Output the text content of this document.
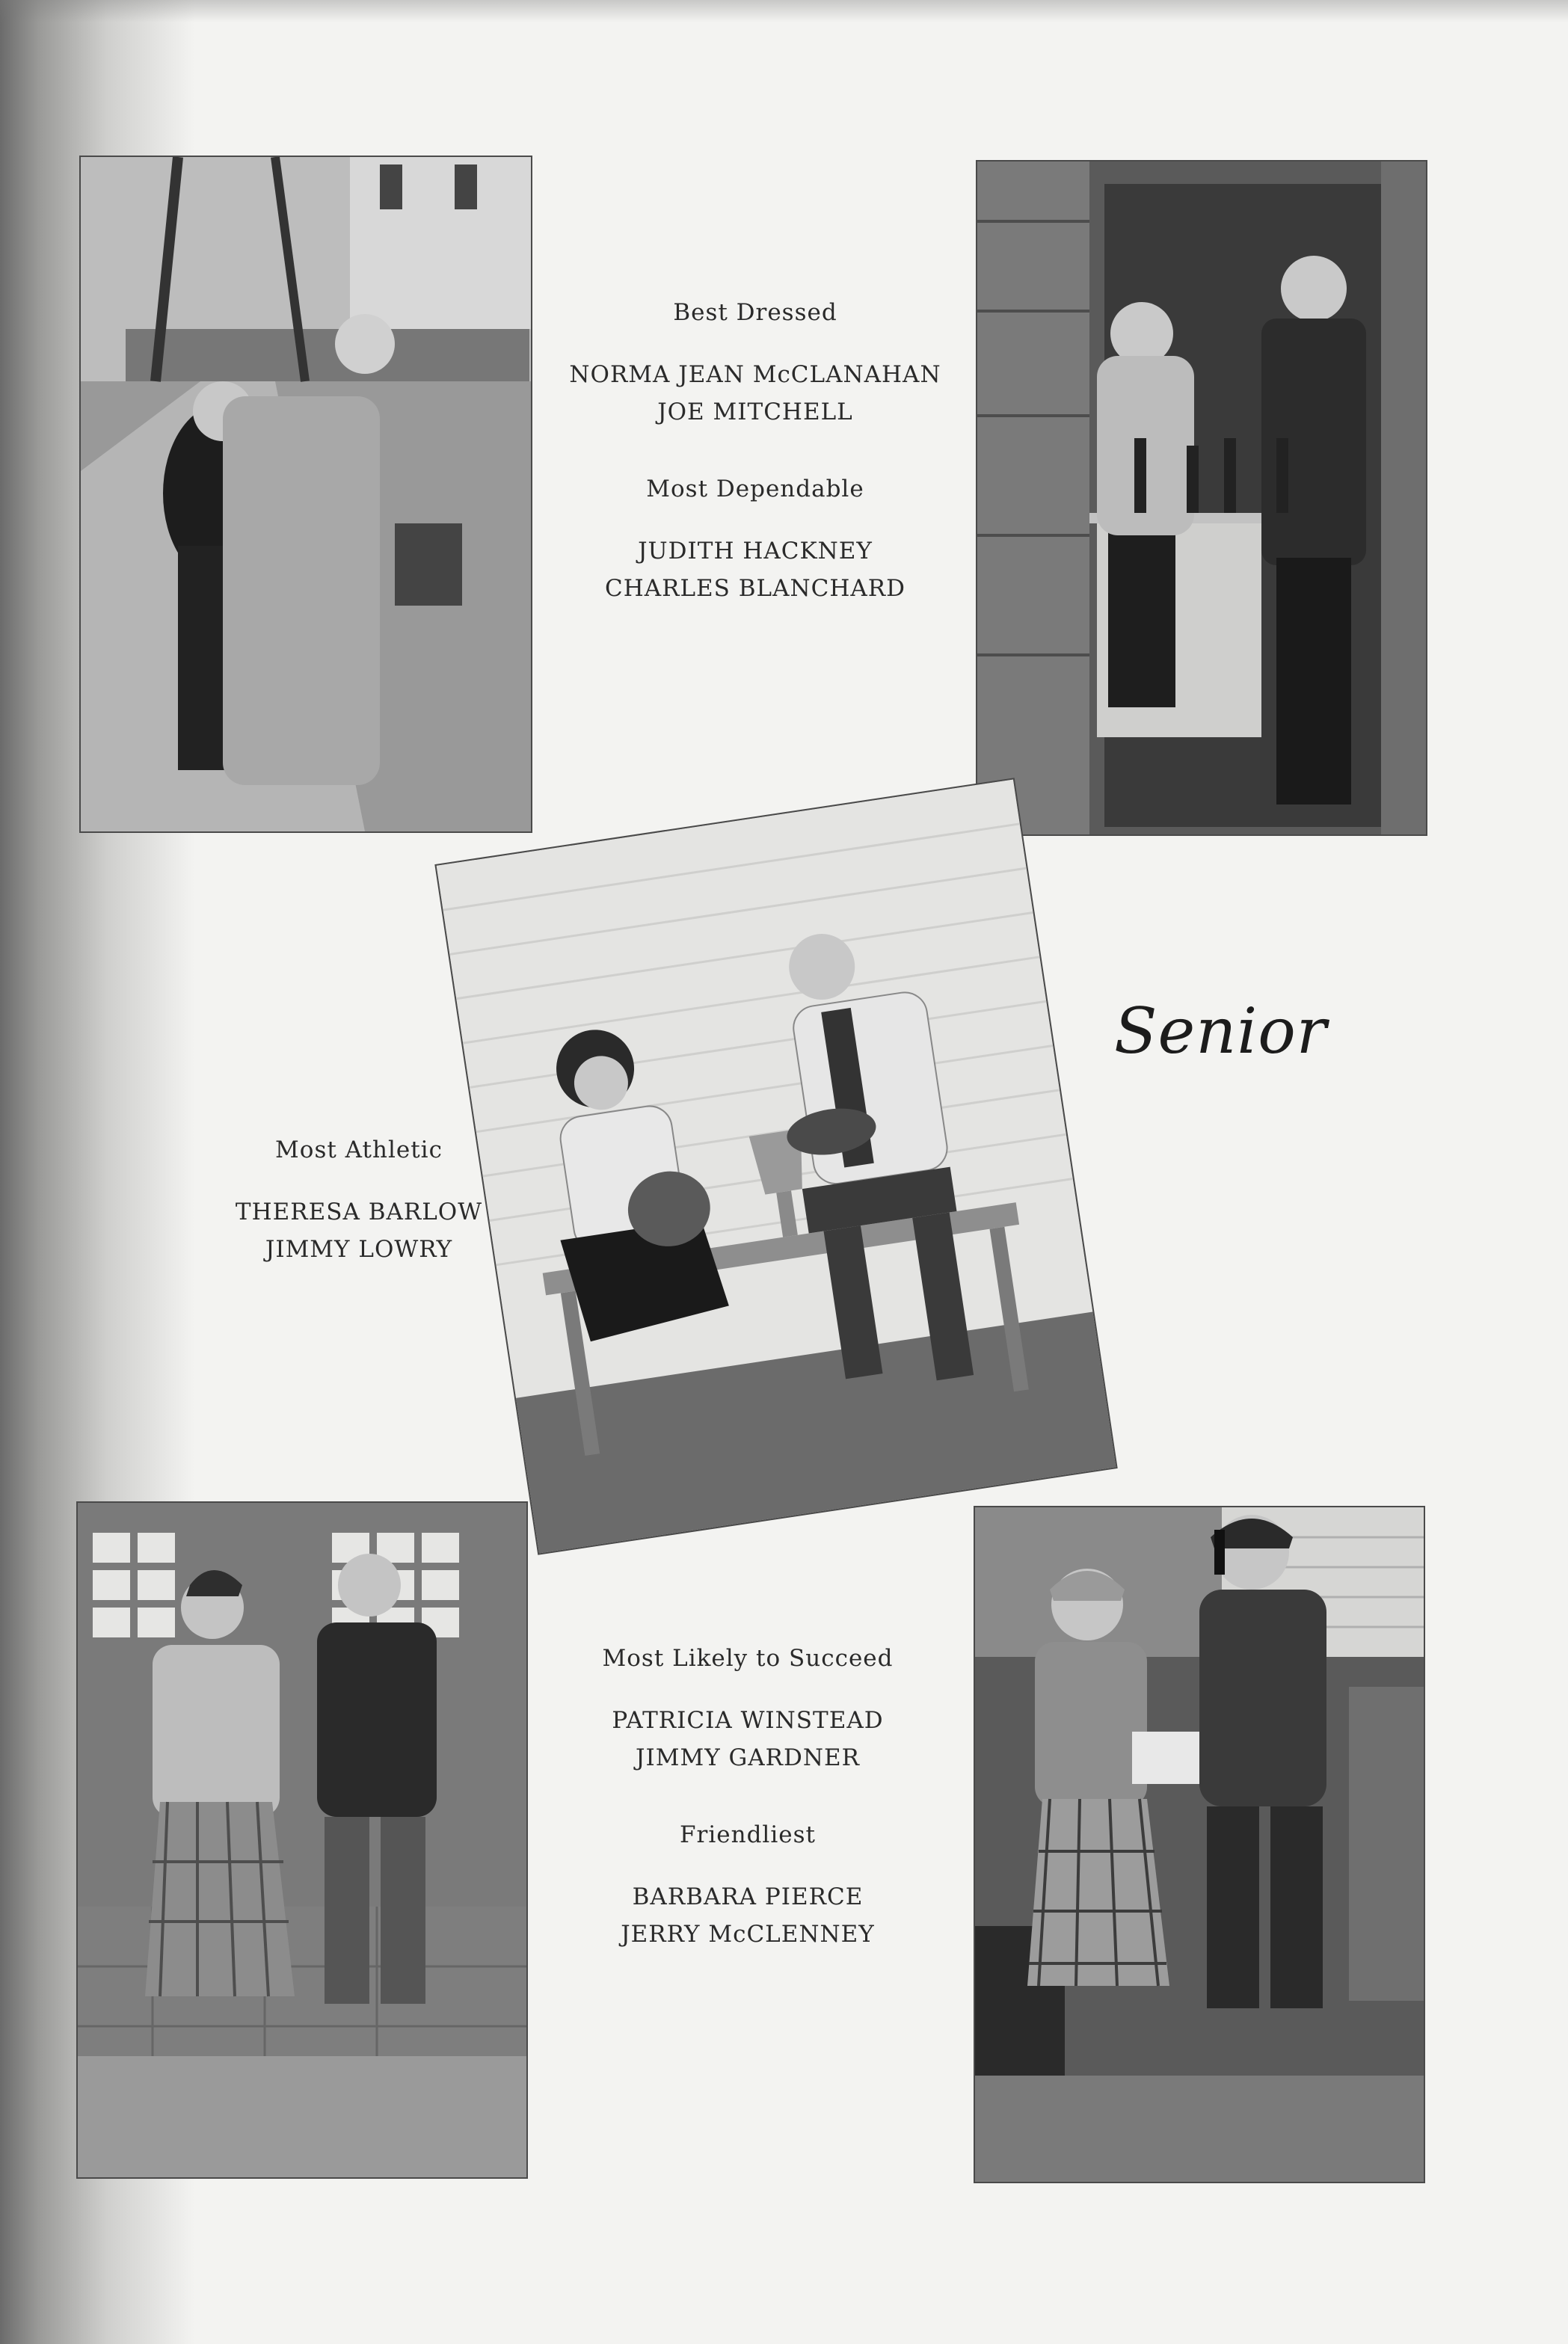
Best Dressed
NORMA JEAN McCLANAHAN
JOE MITCHELL
Most Dependable
JUDITH HACKNEY
CHARLES BLANCHARD
Most Athletic
THERESA BARLOW
JIMMY LOWRY
Senior
Most Likely to Succeed
PATRICIA WINSTEAD
JIMMY GARDNER
Friendliest
BARBARA PIERCE
JERRY McCLENNEY
